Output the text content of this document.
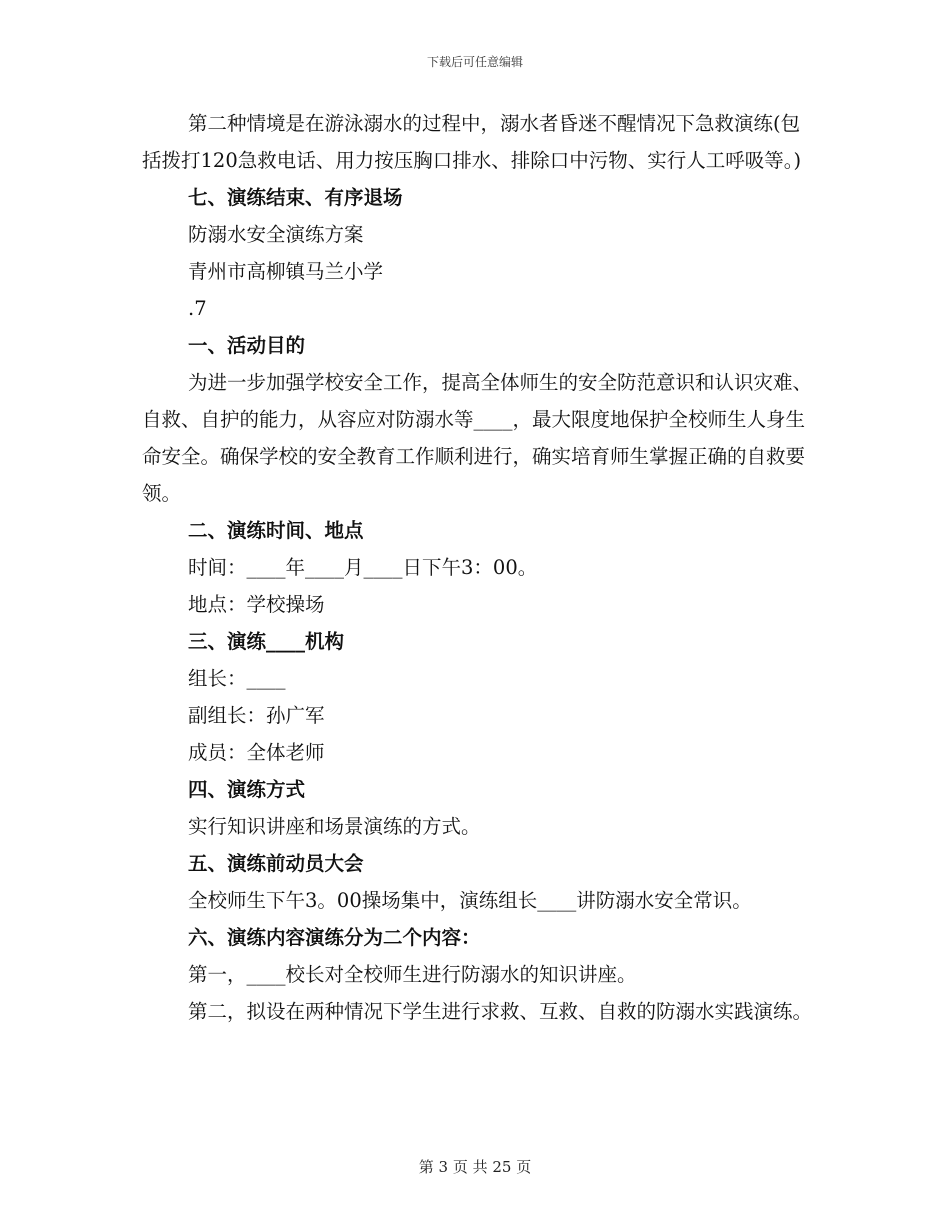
下载后可任意编辑

第二种情境是在游泳溺水的过程中，溺水者昏迷不醒情况下急救演练(包括拨打120急救电话、用力按压胸口排水、排除口中污物、实行人工呼吸等。)

七、演练结束、有序退场

防溺水安全演练方案

青州市高柳镇马兰小学

.7

一、活动目的

为进一步加强学校安全工作，提高全体师生的安全防范意识和认识灾难、自救、自护的能力，从容应对防溺水等____，最大限度地保护全校师生人身生命安全。确保学校的安全教育工作顺利进行，确实培育师生掌握正确的自救要领。

二、演练时间、地点

时间：____年____月____日下午3：00。

地点：学校操场

三、演练____机构

组长：____

副组长：孙广军

成员：全体老师

四、演练方式

实行知识讲座和场景演练的方式。

五、演练前动员大会

全校师生下午3。00操场集中，演练组长____讲防溺水安全常识。

六、演练内容演练分为二个内容：

第一，____校长对全校师生进行防溺水的知识讲座。

第二，拟设在两种情况下学生进行求救、互救、自救的防溺水实践演练。

第 3 页 共 25 页
